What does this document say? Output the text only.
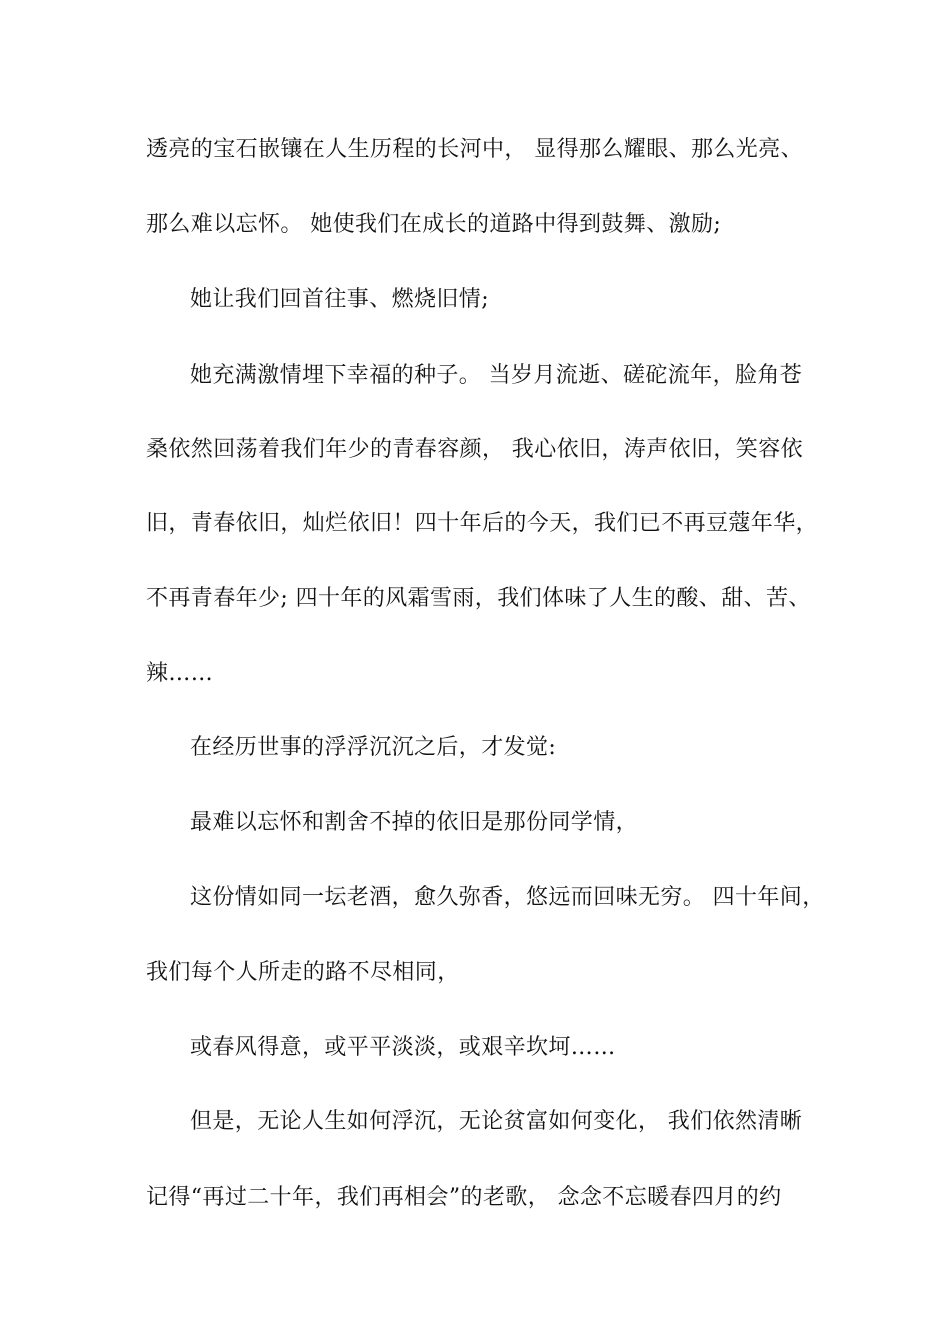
透亮的宝石嵌镶在人生历程的长河中， 显得那么耀眼、那么光亮、
那么难以忘怀。 她使我们在成长的道路中得到鼓舞、激励;
她让我们回首往事、燃烧旧情;
她充满激情埋下幸福的种子。 当岁月流逝、磋砣流年，脸角苍
桑依然回荡着我们年少的青春容颜， 我心依旧，涛声依旧，笑容依
旧，青春依旧，灿烂依旧！四十年后的今天，我们已不再豆蔻年华，
不再青春年少; 四十年的风霜雪雨，我们体味了人生的酸、甜、苦、
辣……
在经历世事的浮浮沉沉之后，才发觉:
最难以忘怀和割舍不掉的依旧是那份同学情，
这份情如同一坛老酒，愈久弥香，悠远而回味无穷。 四十年间，
我们每个人所走的路不尽相同，
或春风得意，或平平淡淡，或艰辛坎坷……
但是，无论人生如何浮沉，无论贫富如何变化， 我们依然清晰
记得“再过二十年，我们再相会”的老歌， 念念不忘暖春四月的约
